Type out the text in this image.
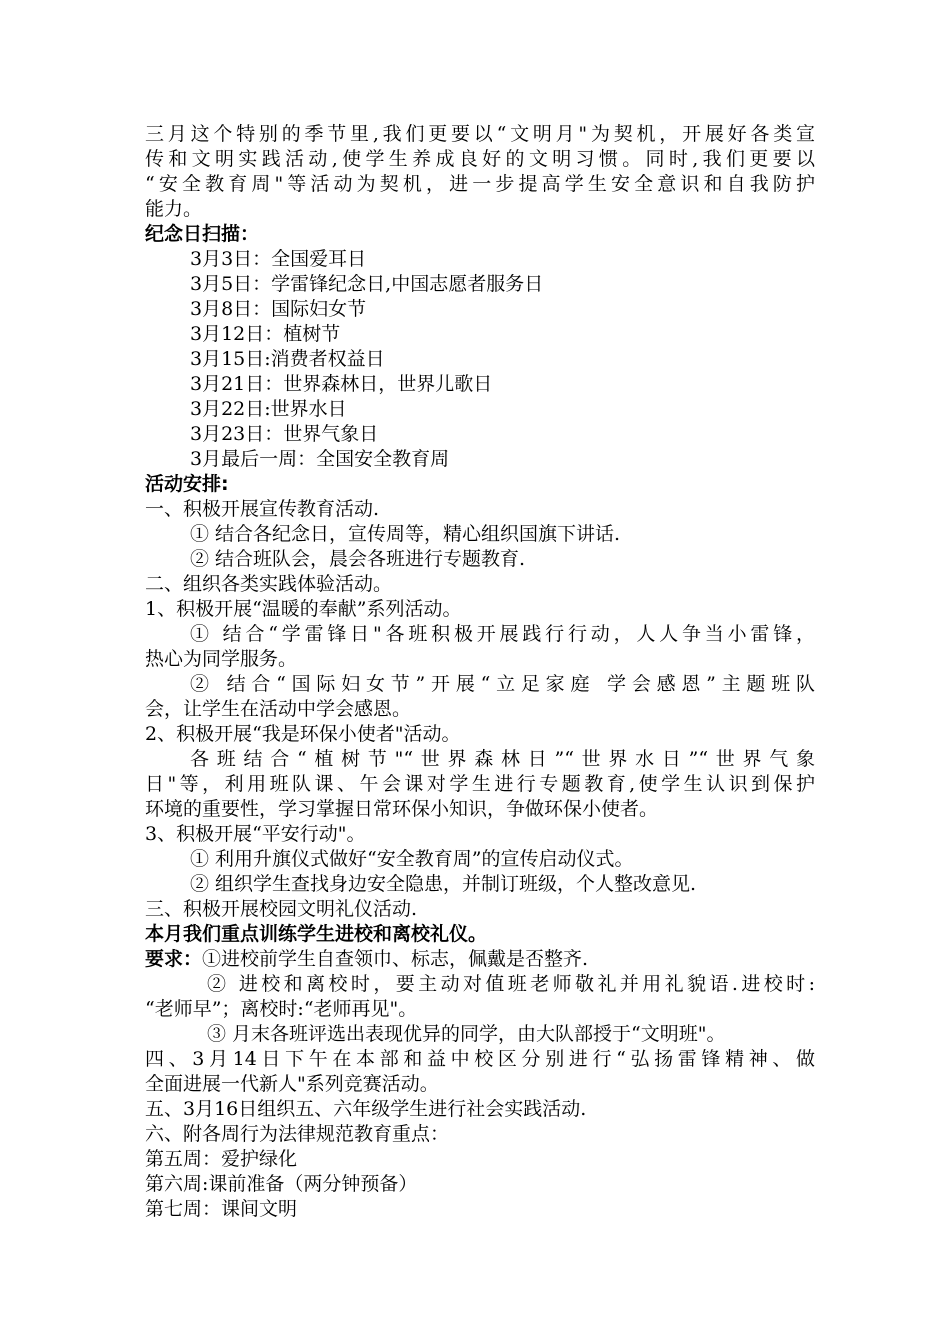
三月这个特别的季节里,我们更要以“文明月"为契机，开展好各类宣
传和文明实践活动,使学生养成良好的文明习惯。同时,我们更要以
“安全教育周"等活动为契机，进一步提高学生安全意识和自我防护
能力。
纪念日扫描：
3月3日：全国爱耳日
3月5日：学雷锋纪念日,中国志愿者服务日
3月8日：国际妇女节
3月12日：植树节
3月15日:消费者权益日
3月21日：世界森林日，世界儿歌日
3月22日:世界水日
3月23日：世界气象日
3月最后一周：全国安全教育周
活动安排:
一、积极开展宣传教育活动.
① 结合各纪念日，宣传周等，精心组织国旗下讲话.
② 结合班队会，晨会各班进行专题教育.
二、组织各类实践体验活动。
1、积极开展“温暖的奉献”系列活动。
① 结合“学雷锋日"各班积极开展践行行动，人人争当小雷锋，
热心为同学服务。
② 结合“国际妇女节”开展“立足家庭 学会感恩”主题班队
会，让学生在活动中学会感恩。
2、积极开展“我是环保小使者"活动。
各班结合“植树节"“世界森林日”“世界水日”“世界气象
日"等，利用班队课、午会课对学生进行专题教育,使学生认识到保护
环境的重要性，学习掌握日常环保小知识，争做环保小使者。
3、积极开展“平安行动"。
① 利用升旗仪式做好“安全教育周”的宣传启动仪式。
② 组织学生查找身边安全隐患，并制订班级，个人整改意见.
三、积极开展校园文明礼仪活动.
本月我们重点训练学生进校和离校礼仪。
要求：①进校前学生自查领巾、标志，佩戴是否整齐.
② 进校和离校时，要主动对值班老师敬礼并用礼貌语.进校时:
“老师早”；离校时:“老师再见"。
③ 月末各班评选出表现优异的同学，由大队部授于“文明班"。
四、3月14日下午在本部和益中校区分别进行“弘扬雷锋精神、做
全面进展一代新人"系列竞赛活动。
五、3月16日组织五、六年级学生进行社会实践活动.
六、附各周行为法律规范教育重点：
第五周：爱护绿化
第六周:课前准备（两分钟预备）
第七周：课间文明
